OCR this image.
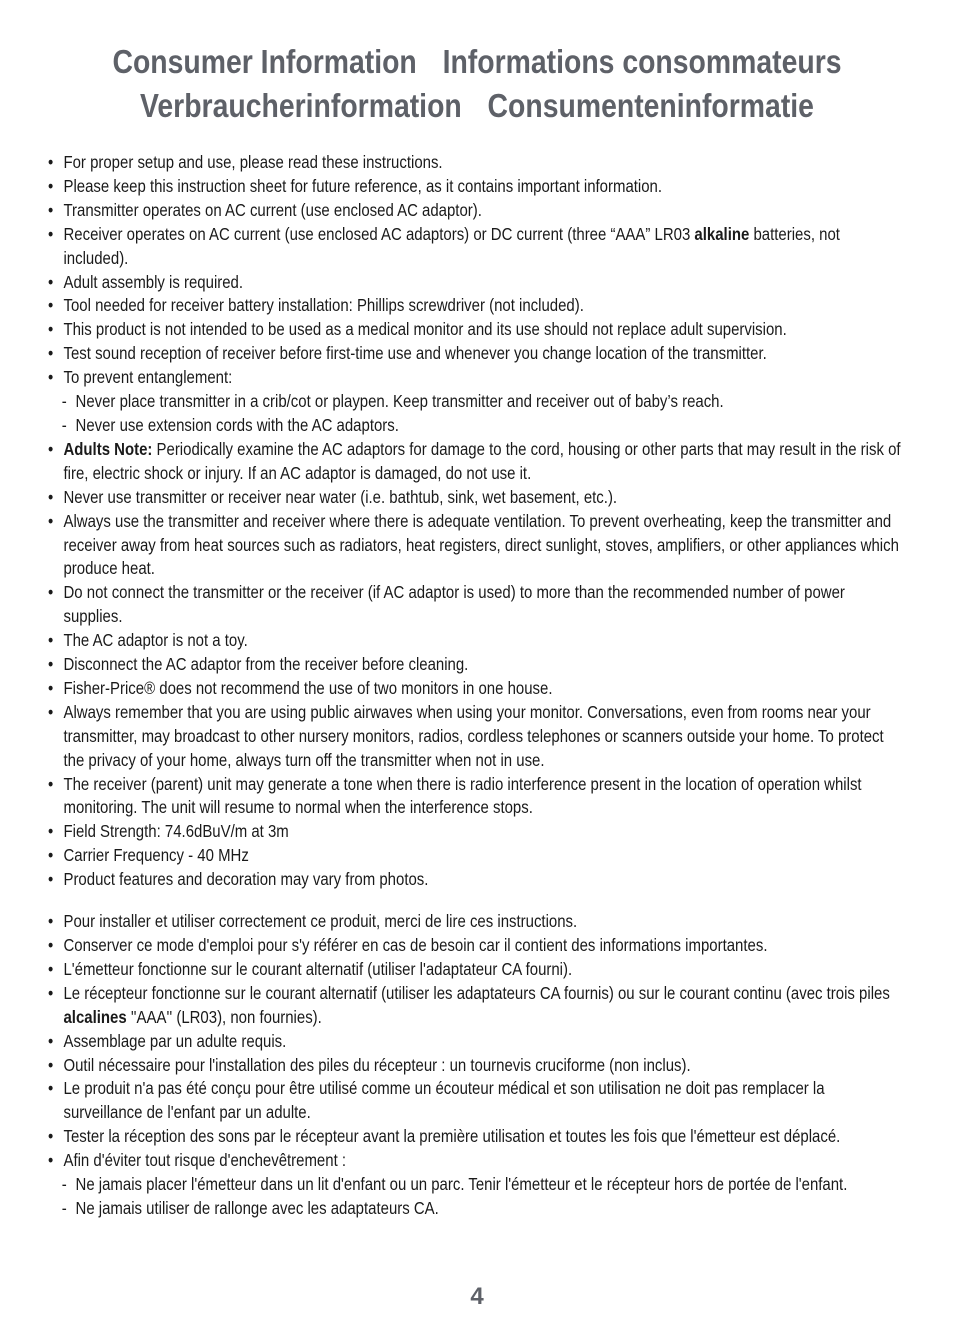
Consumer Information Informations consommateurs
Verbraucherinformation Consumenteninformatie
• For proper setup and use, please read these instructions.
• Please keep this instruction sheet for future reference, as it contains important information.
• Transmitter operates on AC current (use enclosed AC adaptor).
• Receiver operates on AC current (use enclosed AC adaptors) or DC current (three “AAA” LR03 alkaline batteries, not included).
• Adult assembly is required.
• Tool needed for receiver battery installation: Phillips screwdriver (not included).
• This product is not intended to be used as a medical monitor and its use should not replace adult supervision.
• Test sound reception of receiver before first-time use and whenever you change location of the transmitter.
• To prevent entanglement:
- Never place transmitter in a crib/cot or playpen. Keep transmitter and receiver out of baby’s reach.
- Never use extension cords with the AC adaptors.
• Adults Note: Periodically examine the AC adaptors for damage to the cord, housing or other parts that may result in the risk of fire, electric shock or injury. If an AC adaptor is damaged, do not use it.
• Never use transmitter or receiver near water (i.e. bathtub, sink, wet basement, etc.).
• Always use the transmitter and receiver where there is adequate ventilation. To prevent overheating, keep the transmitter and receiver away from heat sources such as radiators, heat registers, direct sunlight, stoves, amplifiers, or other appliances which produce heat.
• Do not connect the transmitter or the receiver (if AC adaptor is used) to more than the recommended number of power supplies.
• The AC adaptor is not a toy.
• Disconnect the AC adaptor from the receiver before cleaning.
• Fisher-Price® does not recommend the use of two monitors in one house.
• Always remember that you are using public airwaves when using your monitor. Conversations, even from rooms near your transmitter, may broadcast to other nursery monitors, radios, cordless telephones or scanners outside your home. To protect the privacy of your home, always turn off the transmitter when not in use.
• The receiver (parent) unit may generate a tone when there is radio interference present in the location of operation whilst monitoring. The unit will resume to normal when the interference stops.
• Field Strength: 74.6dBuV/m at 3m
• Carrier Frequency - 40 MHz
• Product features and decoration may vary from photos.
• Pour installer et utiliser correctement ce produit, merci de lire ces instructions.
• Conserver ce mode d'emploi pour s'y référer en cas de besoin car il contient des informations importantes.
• L'émetteur fonctionne sur le courant alternatif (utiliser l'adaptateur CA fourni).
• Le récepteur fonctionne sur le courant alternatif (utiliser les adaptateurs CA fournis) ou sur le courant continu (avec trois piles alcalines ''AAA'' (LR03), non fournies).
• Assemblage par un adulte requis.
• Outil nécessaire pour l'installation des piles du récepteur : un tournevis cruciforme (non inclus).
• Le produit n'a pas été conçu pour être utilisé comme un écouteur médical et son utilisation ne doit pas remplacer la surveillance de l'enfant par un adulte.
• Tester la réception des sons par le récepteur avant la première utilisation et toutes les fois que l'émetteur est déplacé.
• Afin d'éviter tout risque d'enchevêtrement :
- Ne jamais placer l'émetteur dans un lit d'enfant ou un parc. Tenir l'émetteur et le récepteur hors de portée de l'enfant.
- Ne jamais utiliser de rallonge avec les adaptateurs CA.
4
